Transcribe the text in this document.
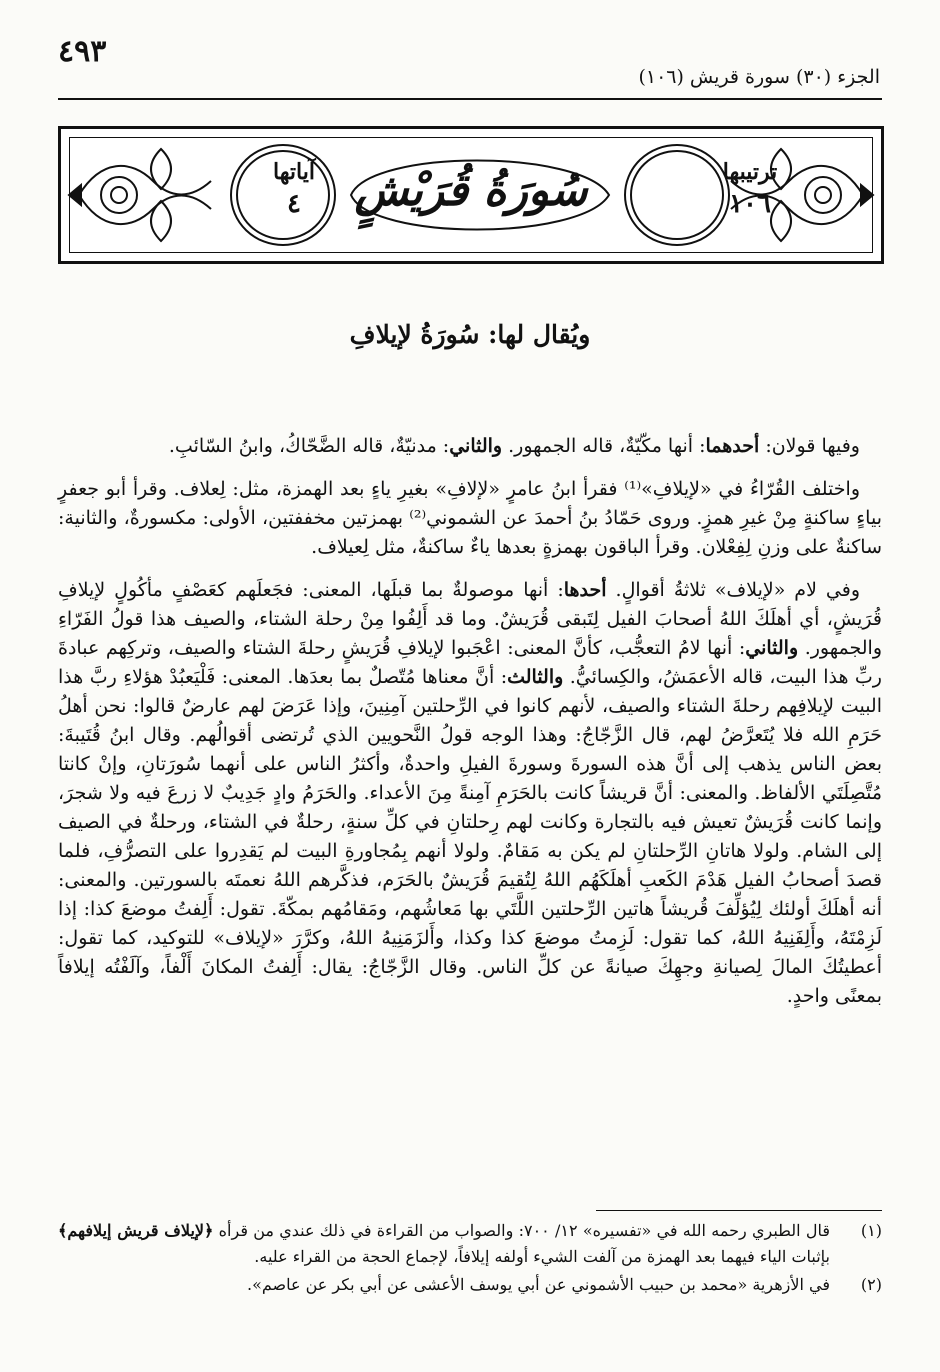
٤٩٣
الجزء (٣٠) سورة قريش (١٠٦)
سُورَةُ قُرَيْشٍ	ترتيبها
١٠٦
آياتها
٤
ويُقال لها: سُورَةُ لإيلافِ

وفيها قولان: أحدهما: أنها مكّيّةٌ، قاله الجمهور. والثاني: مدنيّةٌ، قاله الضَّحّاكُ، وابنُ السّائبِ.

واختلف القُرّاءُ في «لإيلافِ»⁽¹⁾ فقرأ ابنُ عامرٍ «لإلافِ» بغيرِ ياءٍ بعد الهمزة، مثل: لِعلاف. وقرأ أبو جعفرٍ بياءٍ ساكنةٍ مِنْ غيرِ همزٍ. وروى حَمّادُ بنُ أحمدَ عن الشموني⁽²⁾ بهمزتين مخففتين، الأولى: مكسورةٌ، والثانية: ساكنةٌ على وزنِ لِفِعْلان. وقرأ الباقون بهمزةٍ بعدها ياءٌ ساكنةٌ، مثل لِعيلاف.

وفي لام «لإيلاف» ثلاثةُ أقوالٍ. أحدها: أنها موصولةٌ بما قبلَها، المعنى: فجَعلَهم كعَصْفٍ مأكُولٍ لإيلافِ قُرَيشٍ، أي أهلَكَ اللهُ أصحابَ الفيل لِتَبقى قُرَيشٌ. وما قد أَلِفُوا مِنْ رحلة الشتاء، والصيف هذا قولُ الفَرّاءِ والجمهور. والثاني: أنها لامُ التعجُّب، كأنَّ المعنى: اعْجَبوا لإيلافِ قُرَيشٍ رحلةَ الشتاء والصيف، وتركِهم عبادةَ ربِّ هذا البيت، قاله الأعمَشُ، والكِسائيُّ. والثالث: أنَّ معناها مُتّصلٌ بما بعدَها. المعنى: فَلْيَعبُدْ هؤلاءِ ربَّ هذا البيت لإيلافِهم رحلةَ الشتاء والصيف، لأنهم كانوا في الرِّحلتين آمِنِينَ، وإذا عَرَضَ لهم عارضٌ قالوا: نحن أهلُ حَرَمِ الله فلا يُتَعرَّضُ لهم، قال الزَّجّاجُ: وهذا الوجه قولُ النَّحويين الذي تُرتضى أقوالُهم. وقال ابنُ قُتَيبةَ: بعض الناس يذهب إلى أنَّ هذه السورةَ وسورةَ الفيلِ واحدةٌ، وأكثرُ الناس على أنهما سُورَتانِ، وإنْ كانتا مُتَّصِلَتَي الألفاظ. والمعنى: أنَّ قريشاً كانت بالحَرَمِ آمِنةً مِنَ الأعداء. والحَرَمُ وادٍ جَدِيبٌ لا زرعَ فيه ولا شجرَ، وإنما كانت قُرَيشٌ تعيش فيه بالتجارة وكانت لهم رِحلتانِ في كلِّ سنةٍ، رحلةٌ في الشتاء، ورحلةٌ في الصيف إلى الشام. ولولا هاتانِ الرِّحلتانِ لم يكن به مَقامٌ. ولولا أنهم بِمُجاورةِ البيت لم يَقدِروا على التصرُّفِ، فلما قصدَ أصحابُ الفيل هَدْمَ الكَعبِ أهلَكَهُم اللهُ لِتُقيمَ قُرَيشٌ بالحَرَم، فذكَّرهم اللهُ نعمتَه بالسورتين. والمعنى: أنه أهلَكَ أولئك لِيُؤلِّفَ قُريشاً هاتين الرِّحلتين اللَّتَي بها مَعاشُهم، ومَقامُهم بمكّةَ. تقول: أَلِفتُ موضعَ كذا: إذا لَزِمْتَهُ، وأَلِفَنِيهُ اللهُ، كما تقول: لَزِمتُ موضعَ كذا وكذا، وأَلزَمَنِيهُ اللهُ، وكرَّرَ «لإيلاف» للتوكيد، كما تقول: أعطيتُكَ المالَ لِصيانةِ وجهِكَ صيانةً عن كلِّ الناس. وقال الزَّجّاجُ: يقال: أَلِفتُ المكانَ أَلْفاً، وآلَفْتُه إيلافاً بمعنًى واحدٍ.

(١)
قال الطبري رحمه الله في «تفسيره» ١٢/ ٧٠٠: والصواب من القراءة في ذلك عندي من قرأه ﴿لإيلاف قريش إيلافهم﴾ بإثبات الياء فيهما بعد الهمزة من آلفت الشيء أولفه إيلافاً، لإجماع الحجة من القراء عليه.
(٢)
في الأزهرية «محمد بن حبيب الأشموني عن أبي يوسف الأعشى عن أبي بكر عن عاصم».
